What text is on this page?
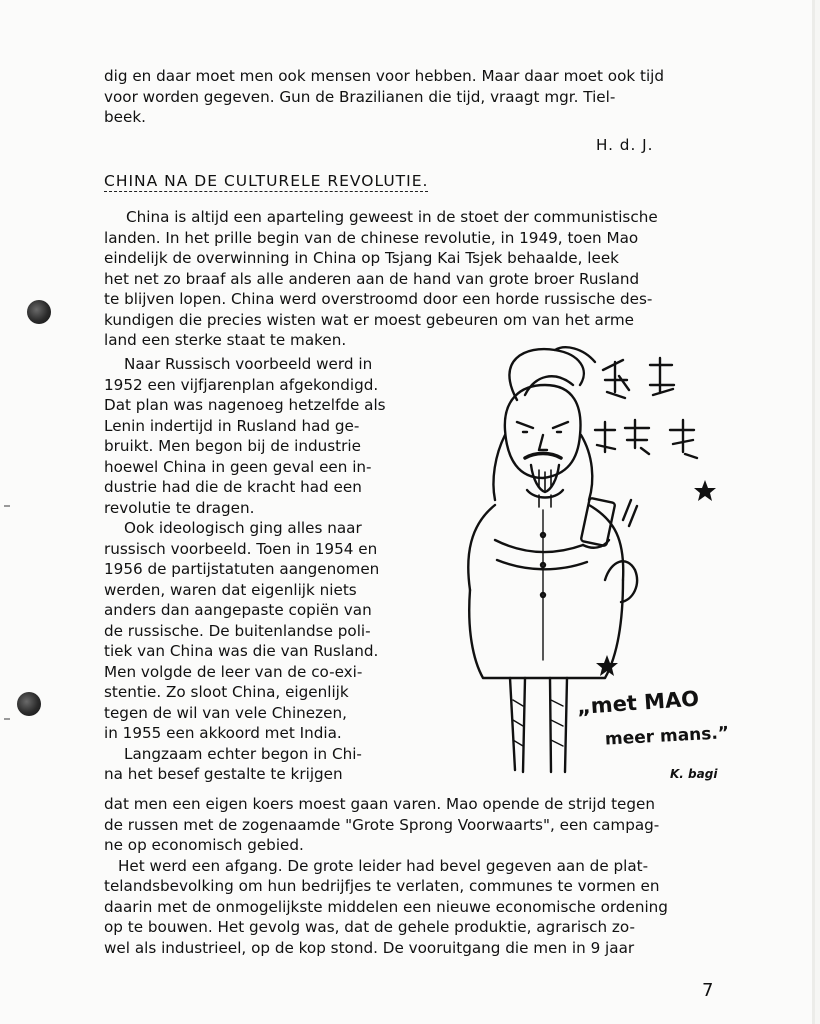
dig en daar moet men ook mensen voor hebben. Maar daar moet ook tijd
voor worden gegeven. Gun de Brazilianen die tijd, vraagt mgr. Tiel-
beek.
H. d. J.
CHINA NA DE CULTURELE REVOLUTIE.
China is altijd een aparteling geweest in de stoet der communistische
landen. In het prille begin van de chinese revolutie, in 1949, toen Mao
eindelijk de overwinning in China op Tsjang Kai Tsjek behaalde, leek
het net zo braaf als alle anderen aan de hand van grote broer Rusland
te blijven lopen. China werd overstroomd door een horde russische des-
kundigen die precies wisten wat er moest gebeuren om van het arme
land een sterke staat te maken.
Naar Russisch voorbeeld werd in
1952 een vijfjarenplan afgekondigd.
Dat plan was nagenoeg hetzelfde als
Lenin indertijd in Rusland had ge-
bruikt. Men begon bij de industrie
hoewel China in geen geval een in-
dustrie had die de kracht had een
revolutie te dragen.
Ook ideologisch ging alles naar
russisch voorbeeld. Toen in 1954 en
1956 de partijstatuten aangenomen
werden, waren dat eigenlijk niets
anders dan aangepaste copiën van
de russische. De buitenlandse poli-
tiek van China was die van Rusland.
Men volgde de leer van de co-exi-
stentie. Zo sloot China, eigenlijk
tegen de wil van vele Chinezen,
in 1955 een akkoord met India.
Langzaam echter begon in Chi-
na het besef gestalte te krijgen
dat men een eigen koers moest gaan varen. Mao opende de strijd tegen
de russen met de zogenaamde "Grote Sprong Voorwaarts", een campag-
ne op economisch gebied.
Het werd een afgang. De grote leider had bevel gegeven aan de plat-
telandsbevolking om hun bedrijfjes te verlaten, communes te vormen en
daarin met de onmogelijkste middelen een nieuwe economische ordening
op te bouwen. Het gevolg was, dat de gehele produktie, agrarisch zo-
wel als industrieel, op de kop stond. De vooruitgang die men in 9 jaar
„met MAO
meer mans.”
K. bagi
7
